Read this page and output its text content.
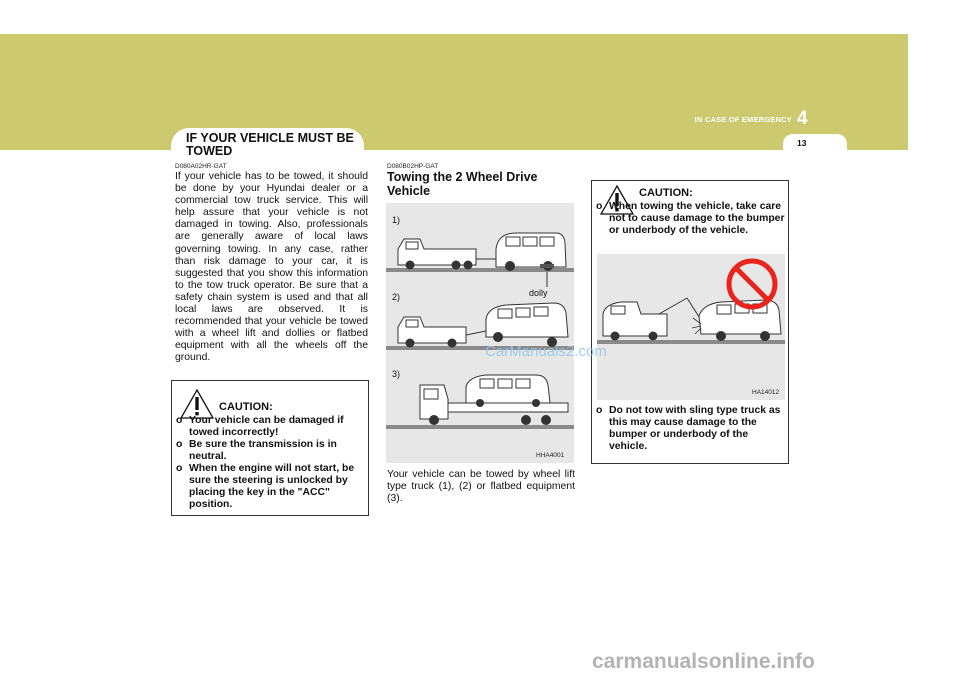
IN CASE OF EMERGENCY 4
13
IF YOUR VEHICLE MUST BE TOWED
D080A02HR-GAT
If your vehicle has to be towed, it should be done by your Hyundai dealer or a commercial tow truck service. This will help assure that your vehicle is not damaged in towing. Also, professionals are generally aware of local laws governing towing. In any case, rather than risk damage to your car, it is suggested that you show this information to the tow truck operator. Be sure that a safety chain system is used and that all local laws are observed. It is recommended that your vehicle be towed with a wheel lift and dollies or flatbed equipment with all the wheels off the ground.
CAUTION:
o Your vehicle can be damaged if towed incorrectly!
o Be sure the transmission is in neutral.
o When the engine will not start, be sure the steering is unlocked by placing the key in the "ACC" position.
D080B02HP-GAT
Towing the 2 Wheel Drive Vehicle
1)
2)
3)
dolly
HHA4001
Your vehicle can be towed by wheel lift type truck (1), (2) or flatbed equipment (3).
CAUTION:
o When towing the vehicle, take care not to cause damage to the bumper or underbody of the vehicle.
o Do not tow with sling type truck as this may cause damage to the bumper or underbody of the vehicle.
HA14012
CarManuals2.com
carmanualsonline.info
